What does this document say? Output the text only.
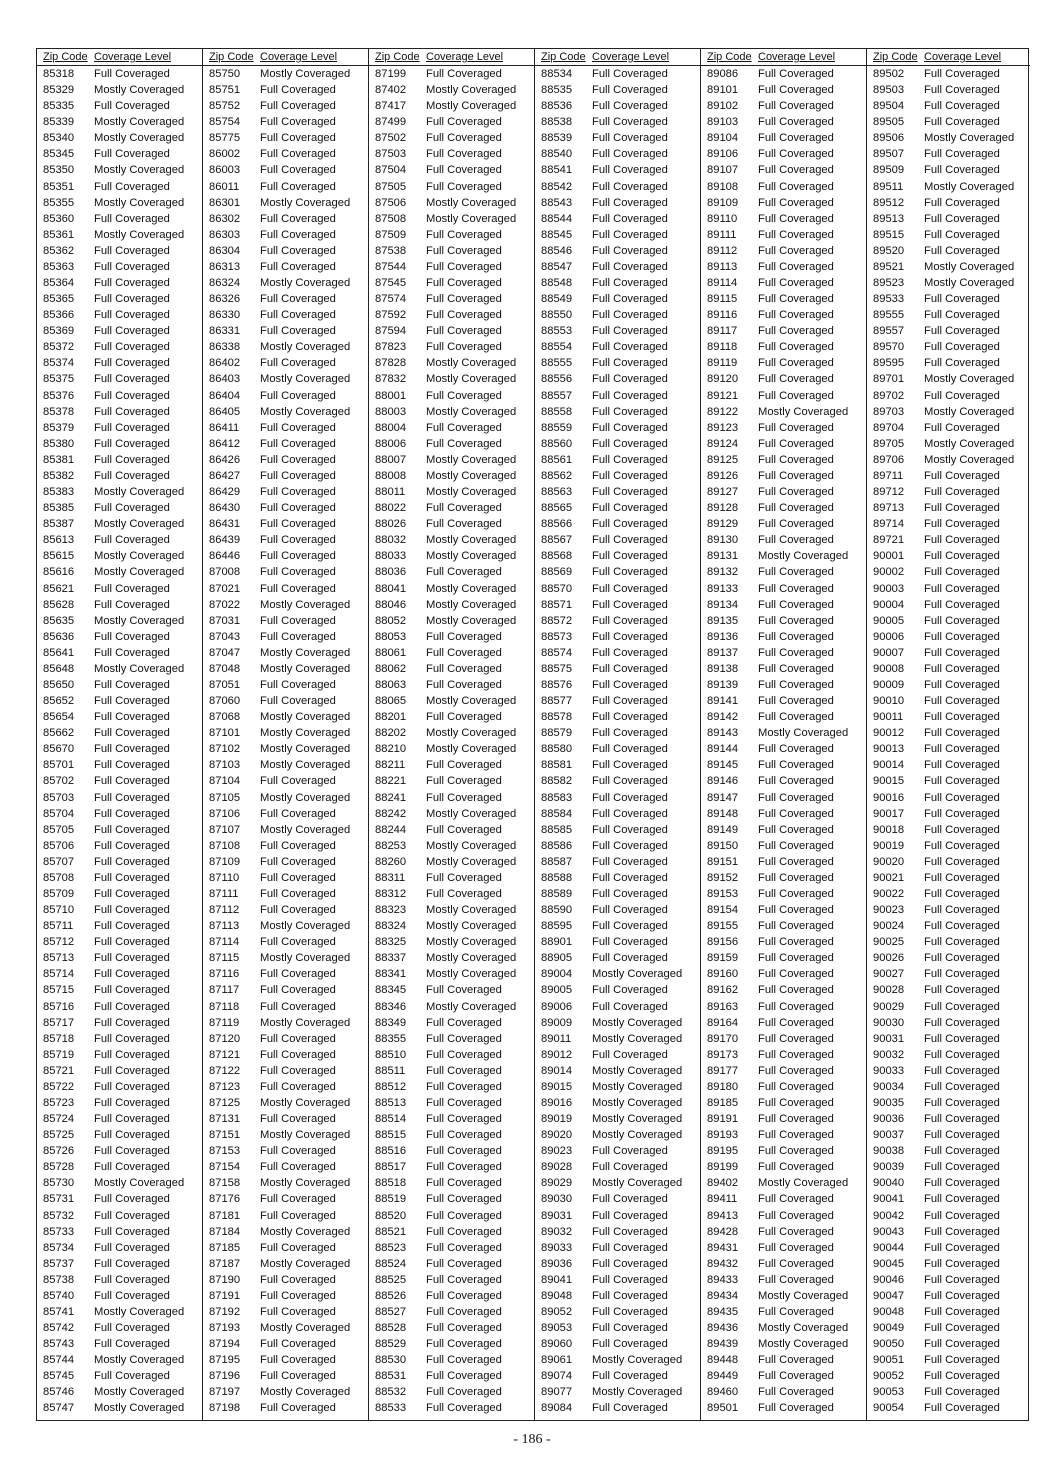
Zip Code Coverage Level
85318	Full Coveraged
85329	Mostly Coveraged
85335	Full Coveraged
85339	Mostly Coveraged
85340	Mostly Coveraged
85345	Full Coveraged
85350	Mostly Coveraged
85351	Full Coveraged
85355	Mostly Coveraged
85360	Full Coveraged
85361	Mostly Coveraged
85362	Full Coveraged
85363	Full Coveraged
85364	Full Coveraged
85365	Full Coveraged
85366	Full Coveraged
85369	Full Coveraged
85372	Full Coveraged
85374	Full Coveraged
85375	Full Coveraged
85376	Full Coveraged
85378	Full Coveraged
85379	Full Coveraged
85380	Full Coveraged
85381	Full Coveraged
85382	Full Coveraged
85383	Mostly Coveraged
85385	Full Coveraged
85387	Mostly Coveraged
85613	Full Coveraged
85615	Mostly Coveraged
85616	Mostly Coveraged
85621	Full Coveraged
85628	Full Coveraged
85635	Mostly Coveraged
85636	Full Coveraged
85641	Full Coveraged
85648	Mostly Coveraged
85650	Full Coveraged
85652	Full Coveraged
85654	Full Coveraged
85662	Full Coveraged
85670	Full Coveraged
85701	Full Coveraged
85702	Full Coveraged
85703	Full Coveraged
85704	Full Coveraged
85705	Full Coveraged
85706	Full Coveraged
85707	Full Coveraged
85708	Full Coveraged
85709	Full Coveraged
85710	Full Coveraged
85711	Full Coveraged
85712	Full Coveraged
85713	Full Coveraged
85714	Full Coveraged
85715	Full Coveraged
85716	Full Coveraged
85717	Full Coveraged
85718	Full Coveraged
85719	Full Coveraged
85721	Full Coveraged
85722	Full Coveraged
85723	Full Coveraged
85724	Full Coveraged
85725	Full Coveraged
85726	Full Coveraged
85728	Full Coveraged
85730	Mostly Coveraged
85731	Full Coveraged
85732	Full Coveraged
85733	Full Coveraged
85734	Full Coveraged
85737	Full Coveraged
85738	Full Coveraged
85740	Full Coveraged
85741	Mostly Coveraged
85742	Full Coveraged
85743	Full Coveraged
85744	Mostly Coveraged
85745	Full Coveraged
85746	Mostly Coveraged
85747	Mostly Coveraged
Zip Code Coverage Level
85750	Mostly Coveraged
85751	Full Coveraged
85752	Full Coveraged
85754	Full Coveraged
85775	Full Coveraged
86002	Full Coveraged
86003	Full Coveraged
86011	Full Coveraged
86301	Mostly Coveraged
86302	Full Coveraged
86303	Full Coveraged
86304	Full Coveraged
86313	Full Coveraged
86324	Mostly Coveraged
86326	Full Coveraged
86330	Full Coveraged
86331	Full Coveraged
86338	Mostly Coveraged
86402	Full Coveraged
86403	Mostly Coveraged
86404	Full Coveraged
86405	Mostly Coveraged
86411	Full Coveraged
86412	Full Coveraged
86426	Full Coveraged
86427	Full Coveraged
86429	Full Coveraged
86430	Full Coveraged
86431	Full Coveraged
86439	Full Coveraged
86446	Full Coveraged
87008	Full Coveraged
87021	Full Coveraged
87022	Mostly Coveraged
87031	Full Coveraged
87043	Full Coveraged
87047	Mostly Coveraged
87048	Mostly Coveraged
87051	Full Coveraged
87060	Full Coveraged
87068	Mostly Coveraged
87101	Mostly Coveraged
87102	Mostly Coveraged
87103	Mostly Coveraged
87104	Full Coveraged
87105	Mostly Coveraged
87106	Full Coveraged
87107	Mostly Coveraged
87108	Full Coveraged
87109	Full Coveraged
87110	Full Coveraged
87111	Full Coveraged
87112	Full Coveraged
87113	Mostly Coveraged
87114	Full Coveraged
87115	Mostly Coveraged
87116	Full Coveraged
87117	Full Coveraged
87118	Full Coveraged
87119	Mostly Coveraged
87120	Full Coveraged
87121	Full Coveraged
87122	Full Coveraged
87123	Full Coveraged
87125	Mostly Coveraged
87131	Full Coveraged
87151	Mostly Coveraged
87153	Full Coveraged
87154	Full Coveraged
87158	Mostly Coveraged
87176	Full Coveraged
87181	Full Coveraged
87184	Mostly Coveraged
87185	Full Coveraged
87187	Mostly Coveraged
87190	Full Coveraged
87191	Full Coveraged
87192	Full Coveraged
87193	Mostly Coveraged
87194	Full Coveraged
87195	Full Coveraged
87196	Full Coveraged
87197	Mostly Coveraged
87198	Full Coveraged
Zip Code Coverage Level
87199	Full Coveraged
87402	Mostly Coveraged
87417	Mostly Coveraged
87499	Full Coveraged
87502	Full Coveraged
87503	Full Coveraged
87504	Full Coveraged
87505	Full Coveraged
87506	Mostly Coveraged
87508	Mostly Coveraged
87509	Full Coveraged
87538	Full Coveraged
87544	Full Coveraged
87545	Full Coveraged
87574	Full Coveraged
87592	Full Coveraged
87594	Full Coveraged
87823	Full Coveraged
87828	Mostly Coveraged
87832	Mostly Coveraged
88001	Full Coveraged
88003	Mostly Coveraged
88004	Full Coveraged
88006	Full Coveraged
88007	Mostly Coveraged
88008	Mostly Coveraged
88011	Mostly Coveraged
88022	Full Coveraged
88026	Full Coveraged
88032	Mostly Coveraged
88033	Mostly Coveraged
88036	Full Coveraged
88041	Mostly Coveraged
88046	Mostly Coveraged
88052	Mostly Coveraged
88053	Full Coveraged
88061	Full Coveraged
88062	Full Coveraged
88063	Full Coveraged
88065	Mostly Coveraged
88201	Full Coveraged
88202	Mostly Coveraged
88210	Mostly Coveraged
88211	Full Coveraged
88221	Full Coveraged
88241	Full Coveraged
88242	Mostly Coveraged
88244	Full Coveraged
88253	Mostly Coveraged
88260	Mostly Coveraged
88311	Full Coveraged
88312	Full Coveraged
88323	Mostly Coveraged
88324	Mostly Coveraged
88325	Mostly Coveraged
88337	Mostly Coveraged
88341	Mostly Coveraged
88345	Full Coveraged
88346	Mostly Coveraged
88349	Full Coveraged
88355	Full Coveraged
88510	Full Coveraged
88511	Full Coveraged
88512	Full Coveraged
88513	Full Coveraged
88514	Full Coveraged
88515	Full Coveraged
88516	Full Coveraged
88517	Full Coveraged
88518	Full Coveraged
88519	Full Coveraged
88520	Full Coveraged
88521	Full Coveraged
88523	Full Coveraged
88524	Full Coveraged
88525	Full Coveraged
88526	Full Coveraged
88527	Full Coveraged
88528	Full Coveraged
88529	Full Coveraged
88530	Full Coveraged
88531	Full Coveraged
88532	Full Coveraged
88533	Full Coveraged
Zip Code Coverage Level
88534	Full Coveraged
88535	Full Coveraged
88536	Full Coveraged
88538	Full Coveraged
88539	Full Coveraged
88540	Full Coveraged
88541	Full Coveraged
88542	Full Coveraged
88543	Full Coveraged
88544	Full Coveraged
88545	Full Coveraged
88546	Full Coveraged
88547	Full Coveraged
88548	Full Coveraged
88549	Full Coveraged
88550	Full Coveraged
88553	Full Coveraged
88554	Full Coveraged
88555	Full Coveraged
88556	Full Coveraged
88557	Full Coveraged
88558	Full Coveraged
88559	Full Coveraged
88560	Full Coveraged
88561	Full Coveraged
88562	Full Coveraged
88563	Full Coveraged
88565	Full Coveraged
88566	Full Coveraged
88567	Full Coveraged
88568	Full Coveraged
88569	Full Coveraged
88570	Full Coveraged
88571	Full Coveraged
88572	Full Coveraged
88573	Full Coveraged
88574	Full Coveraged
88575	Full Coveraged
88576	Full Coveraged
88577	Full Coveraged
88578	Full Coveraged
88579	Full Coveraged
88580	Full Coveraged
88581	Full Coveraged
88582	Full Coveraged
88583	Full Coveraged
88584	Full Coveraged
88585	Full Coveraged
88586	Full Coveraged
88587	Full Coveraged
88588	Full Coveraged
88589	Full Coveraged
88590	Full Coveraged
88595	Full Coveraged
88901	Full Coveraged
88905	Full Coveraged
89004	Mostly Coveraged
89005	Full Coveraged
89006	Full Coveraged
89009	Mostly Coveraged
89011	Mostly Coveraged
89012	Full Coveraged
89014	Mostly Coveraged
89015	Mostly Coveraged
89016	Mostly Coveraged
89019	Mostly Coveraged
89020	Mostly Coveraged
89023	Full Coveraged
89028	Full Coveraged
89029	Mostly Coveraged
89030	Full Coveraged
89031	Full Coveraged
89032	Full Coveraged
89033	Full Coveraged
89036	Full Coveraged
89041	Full Coveraged
89048	Full Coveraged
89052	Full Coveraged
89053	Full Coveraged
89060	Full Coveraged
89061	Mostly Coveraged
89074	Full Coveraged
89077	Mostly Coveraged
89084	Full Coveraged
Zip Code Coverage Level
89086	Full Coveraged
89101	Full Coveraged
89102	Full Coveraged
89103	Full Coveraged
89104	Full Coveraged
89106	Full Coveraged
89107	Full Coveraged
89108	Full Coveraged
89109	Full Coveraged
89110	Full Coveraged
89111	Full Coveraged
89112	Full Coveraged
89113	Full Coveraged
89114	Full Coveraged
89115	Full Coveraged
89116	Full Coveraged
89117	Full Coveraged
89118	Full Coveraged
89119	Full Coveraged
89120	Full Coveraged
89121	Full Coveraged
89122	Mostly Coveraged
89123	Full Coveraged
89124	Full Coveraged
89125	Full Coveraged
89126	Full Coveraged
89127	Full Coveraged
89128	Full Coveraged
89129	Full Coveraged
89130	Full Coveraged
89131	Mostly Coveraged
89132	Full Coveraged
89133	Full Coveraged
89134	Full Coveraged
89135	Full Coveraged
89136	Full Coveraged
89137	Full Coveraged
89138	Full Coveraged
89139	Full Coveraged
89141	Full Coveraged
89142	Full Coveraged
89143	Mostly Coveraged
89144	Full Coveraged
89145	Full Coveraged
89146	Full Coveraged
89147	Full Coveraged
89148	Full Coveraged
89149	Full Coveraged
89150	Full Coveraged
89151	Full Coveraged
89152	Full Coveraged
89153	Full Coveraged
89154	Full Coveraged
89155	Full Coveraged
89156	Full Coveraged
89159	Full Coveraged
89160	Full Coveraged
89162	Full Coveraged
89163	Full Coveraged
89164	Full Coveraged
89170	Full Coveraged
89173	Full Coveraged
89177	Full Coveraged
89180	Full Coveraged
89185	Full Coveraged
89191	Full Coveraged
89193	Full Coveraged
89195	Full Coveraged
89199	Full Coveraged
89402	Mostly Coveraged
89411	Full Coveraged
89413	Full Coveraged
89428	Full Coveraged
89431	Full Coveraged
89432	Full Coveraged
89433	Full Coveraged
89434	Mostly Coveraged
89435	Full Coveraged
89436	Mostly Coveraged
89439	Mostly Coveraged
89448	Full Coveraged
89449	Full Coveraged
89460	Full Coveraged
89501	Full Coveraged
Zip Code Coverage Level
89502	Full Coveraged
89503	Full Coveraged
89504	Full Coveraged
89505	Full Coveraged
89506	Mostly Coveraged
89507	Full Coveraged
89509	Full Coveraged
89511	Mostly Coveraged
89512	Full Coveraged
89513	Full Coveraged
89515	Full Coveraged
89520	Full Coveraged
89521	Mostly Coveraged
89523	Mostly Coveraged
89533	Full Coveraged
89555	Full Coveraged
89557	Full Coveraged
89570	Full Coveraged
89595	Full Coveraged
89701	Mostly Coveraged
89702	Full Coveraged
89703	Mostly Coveraged
89704	Full Coveraged
89705	Mostly Coveraged
89706	Mostly Coveraged
89711	Full Coveraged
89712	Full Coveraged
89713	Full Coveraged
89714	Full Coveraged
89721	Full Coveraged
90001	Full Coveraged
90002	Full Coveraged
90003	Full Coveraged
90004	Full Coveraged
90005	Full Coveraged
90006	Full Coveraged
90007	Full Coveraged
90008	Full Coveraged
90009	Full Coveraged
90010	Full Coveraged
90011	Full Coveraged
90012	Full Coveraged
90013	Full Coveraged
90014	Full Coveraged
90015	Full Coveraged
90016	Full Coveraged
90017	Full Coveraged
90018	Full Coveraged
90019	Full Coveraged
90020	Full Coveraged
90021	Full Coveraged
90022	Full Coveraged
90023	Full Coveraged
90024	Full Coveraged
90025	Full Coveraged
90026	Full Coveraged
90027	Full Coveraged
90028	Full Coveraged
90029	Full Coveraged
90030	Full Coveraged
90031	Full Coveraged
90032	Full Coveraged
90033	Full Coveraged
90034	Full Coveraged
90035	Full Coveraged
90036	Full Coveraged
90037	Full Coveraged
90038	Full Coveraged
90039	Full Coveraged
90040	Full Coveraged
90041	Full Coveraged
90042	Full Coveraged
90043	Full Coveraged
90044	Full Coveraged
90045	Full Coveraged
90046	Full Coveraged
90047	Full Coveraged
90048	Full Coveraged
90049	Full Coveraged
90050	Full Coveraged
90051	Full Coveraged
90052	Full Coveraged
90053	Full Coveraged
90054	Full Coveraged
- 186 -
